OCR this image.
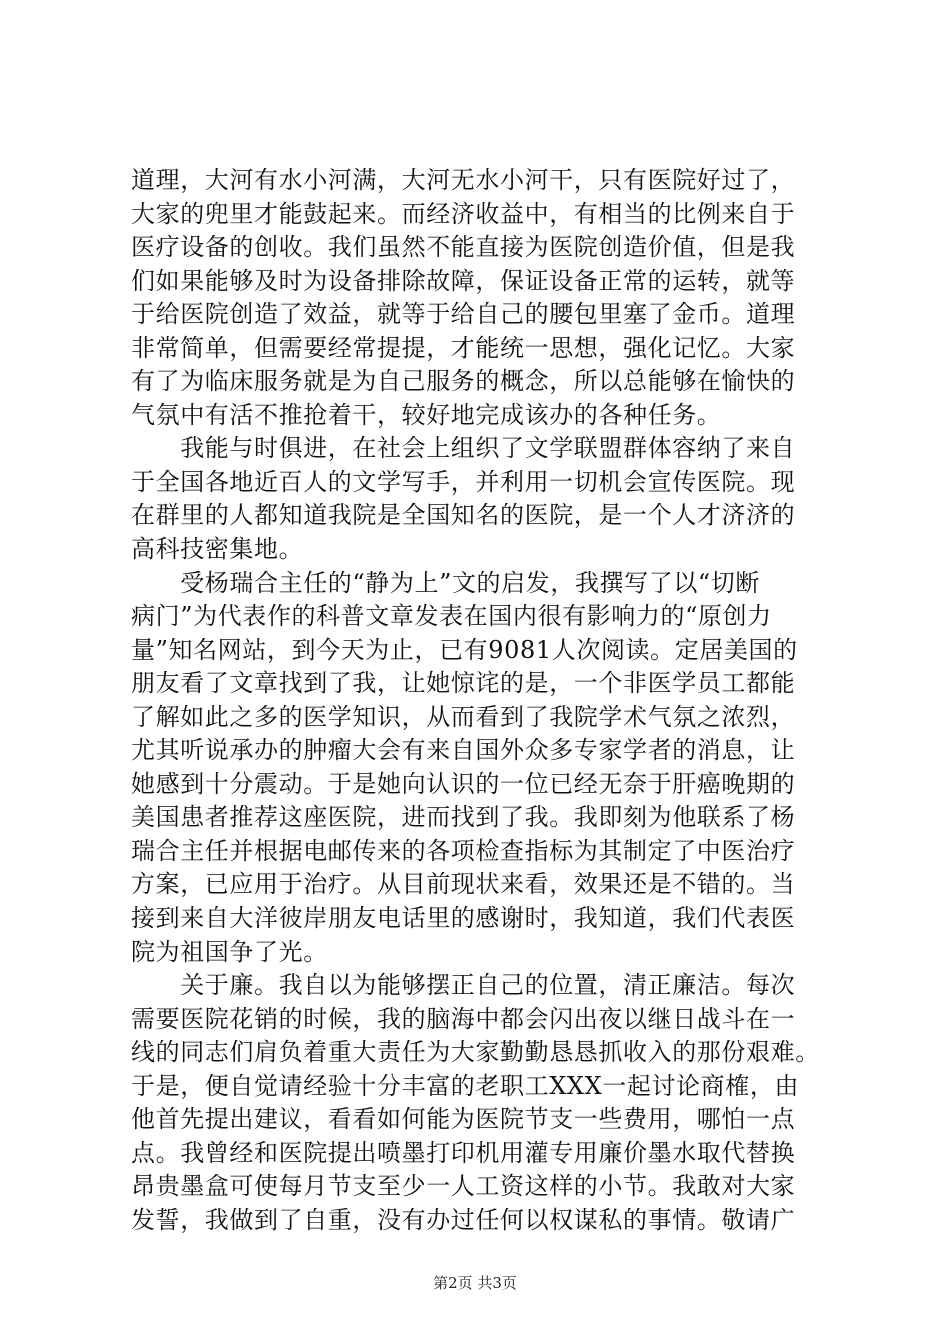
道理，大河有水小河满，大河无水小河干，只有医院好过了，
大家的兜里才能鼓起来。而经济收益中，有相当的比例来自于
医疗设备的创收。我们虽然不能直接为医院创造价值，但是我
们如果能够及时为设备排除故障，保证设备正常的运转，就等
于给医院创造了效益，就等于给自己的腰包里塞了金币。道理
非常简单，但需要经常提提，才能统一思想，强化记忆。大家
有了为临床服务就是为自己服务的概念，所以总能够在愉快的
气氛中有活不推抢着干，较好地完成该办的各种任务。
　　我能与时俱进，在社会上组织了文学联盟群体容纳了来自
于全国各地近百人的文学写手，并利用一切机会宣传医院。现
在群里的人都知道我院是全国知名的医院，是一个人才济济的
高科技密集地。
　　受杨瑞合主任的“静为上”文的启发，我撰写了以“切断
病门”为代表作的科普文章发表在国内很有影响力的“原创力
量”知名网站，到今天为止，已有9081人次阅读。定居美国的
朋友看了文章找到了我，让她惊诧的是，一个非医学员工都能
了解如此之多的医学知识，从而看到了我院学术气氛之浓烈，
尤其听说承办的肿瘤大会有来自国外众多专家学者的消息，让
她感到十分震动。于是她向认识的一位已经无奈于肝癌晚期的
美国患者推荐这座医院，进而找到了我。我即刻为他联系了杨
瑞合主任并根据电邮传来的各项检查指标为其制定了中医治疗
方案，已应用于治疗。从目前现状来看，效果还是不错的。当
接到来自大洋彼岸朋友电话里的感谢时，我知道，我们代表医
院为祖国争了光。
　　关于廉。我自以为能够摆正自己的位置，清正廉洁。每次
需要医院花销的时候，我的脑海中都会闪出夜以继日战斗在一
线的同志们肩负着重大责任为大家勤勤恳恳抓收入的那份艰难。
于是，便自觉请经验十分丰富的老职工XXX一起讨论商榷，由
他首先提出建议，看看如何能为医院节支一些费用，哪怕一点
点。我曾经和医院提出喷墨打印机用灌专用廉价墨水取代替换
昂贵墨盒可使每月节支至少一人工资这样的小节。我敢对大家
发誓，我做到了自重，没有办过任何以权谋私的事情。敬请广
第2页 共3页
